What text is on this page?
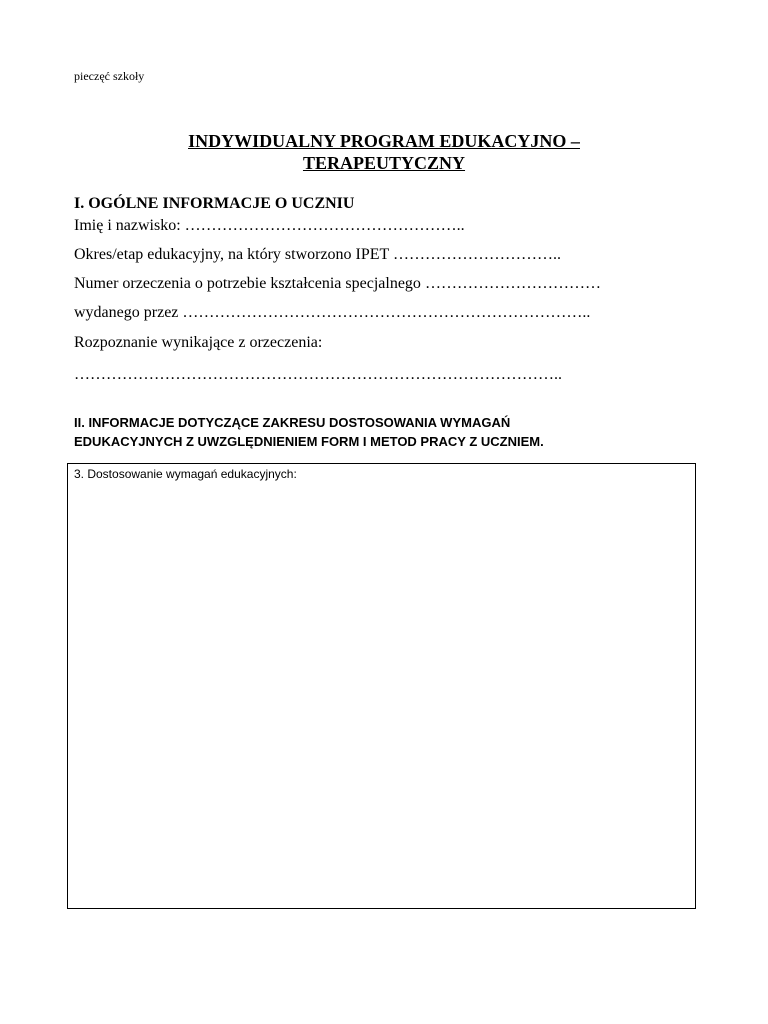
pieczęć szkoły
INDYWIDUALNY PROGRAM EDUKACYJNO –
TERAPEUTYCZNY
I. OGÓLNE INFORMACJE O UCZNIU
Imię i nazwisko: ……………………………………………..
Okres/etap edukacyjny, na który stworzono IPET …………………………..
Numer orzeczenia o potrzebie kształcenia specjalnego ……………………………
wydanego przez …………………………………………………………………..
Rozpoznanie wynikające z orzeczenia:
………………………………………………………………………………..
II. INFORMACJE DOTYCZĄCE ZAKRESU DOSTOSOWANIA WYMAGAŃ
EDUKACYJNYCH Z UWZGLĘDNIENIEM FORM I METOD PRACY Z UCZNIEM.
3. Dostosowanie wymagań edukacyjnych:
